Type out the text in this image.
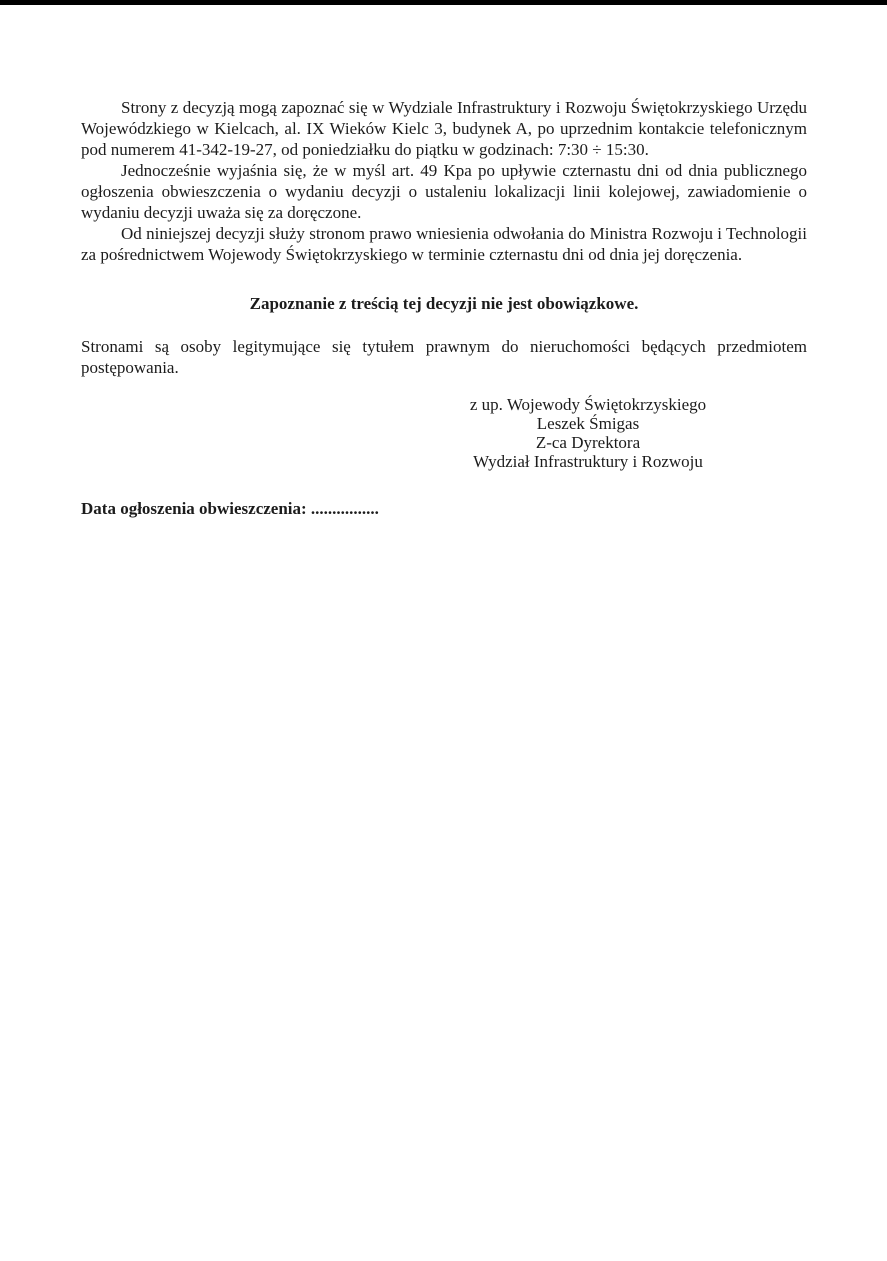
Strony z decyzją mogą zapoznać się w Wydziale Infrastruktury i Rozwoju Świętokrzyskiego Urzędu Wojewódzkiego w Kielcach, al. IX Wieków Kielc 3, budynek A, po uprzednim kontakcie telefonicznym pod numerem 41-342-19-27, od poniedziałku do piątku w godzinach: 7:30 ÷ 15:30.

Jednocześnie wyjaśnia się, że w myśl art. 49 Kpa po upływie czternastu dni od dnia publicznego ogłoszenia obwieszczenia o wydaniu decyzji o ustaleniu lokalizacji linii kolejowej, zawiadomienie o wydaniu decyzji uważa się za doręczone.

Od niniejszej decyzji służy stronom prawo wniesienia odwołania do Ministra Rozwoju i Technologii za pośrednictwem Wojewody Świętokrzyskiego w terminie czternastu dni od dnia jej doręczenia.

Zapoznanie z treścią tej decyzji nie jest obowiązkowe.

Stronami są osoby legitymujące się tytułem prawnym do nieruchomości będących przedmiotem postępowania.

z up. Wojewody Świętokrzyskiego
Leszek Śmigas
Z-ca Dyrektora
Wydział Infrastruktury i Rozwoju

Data ogłoszenia obwieszczenia: ................
